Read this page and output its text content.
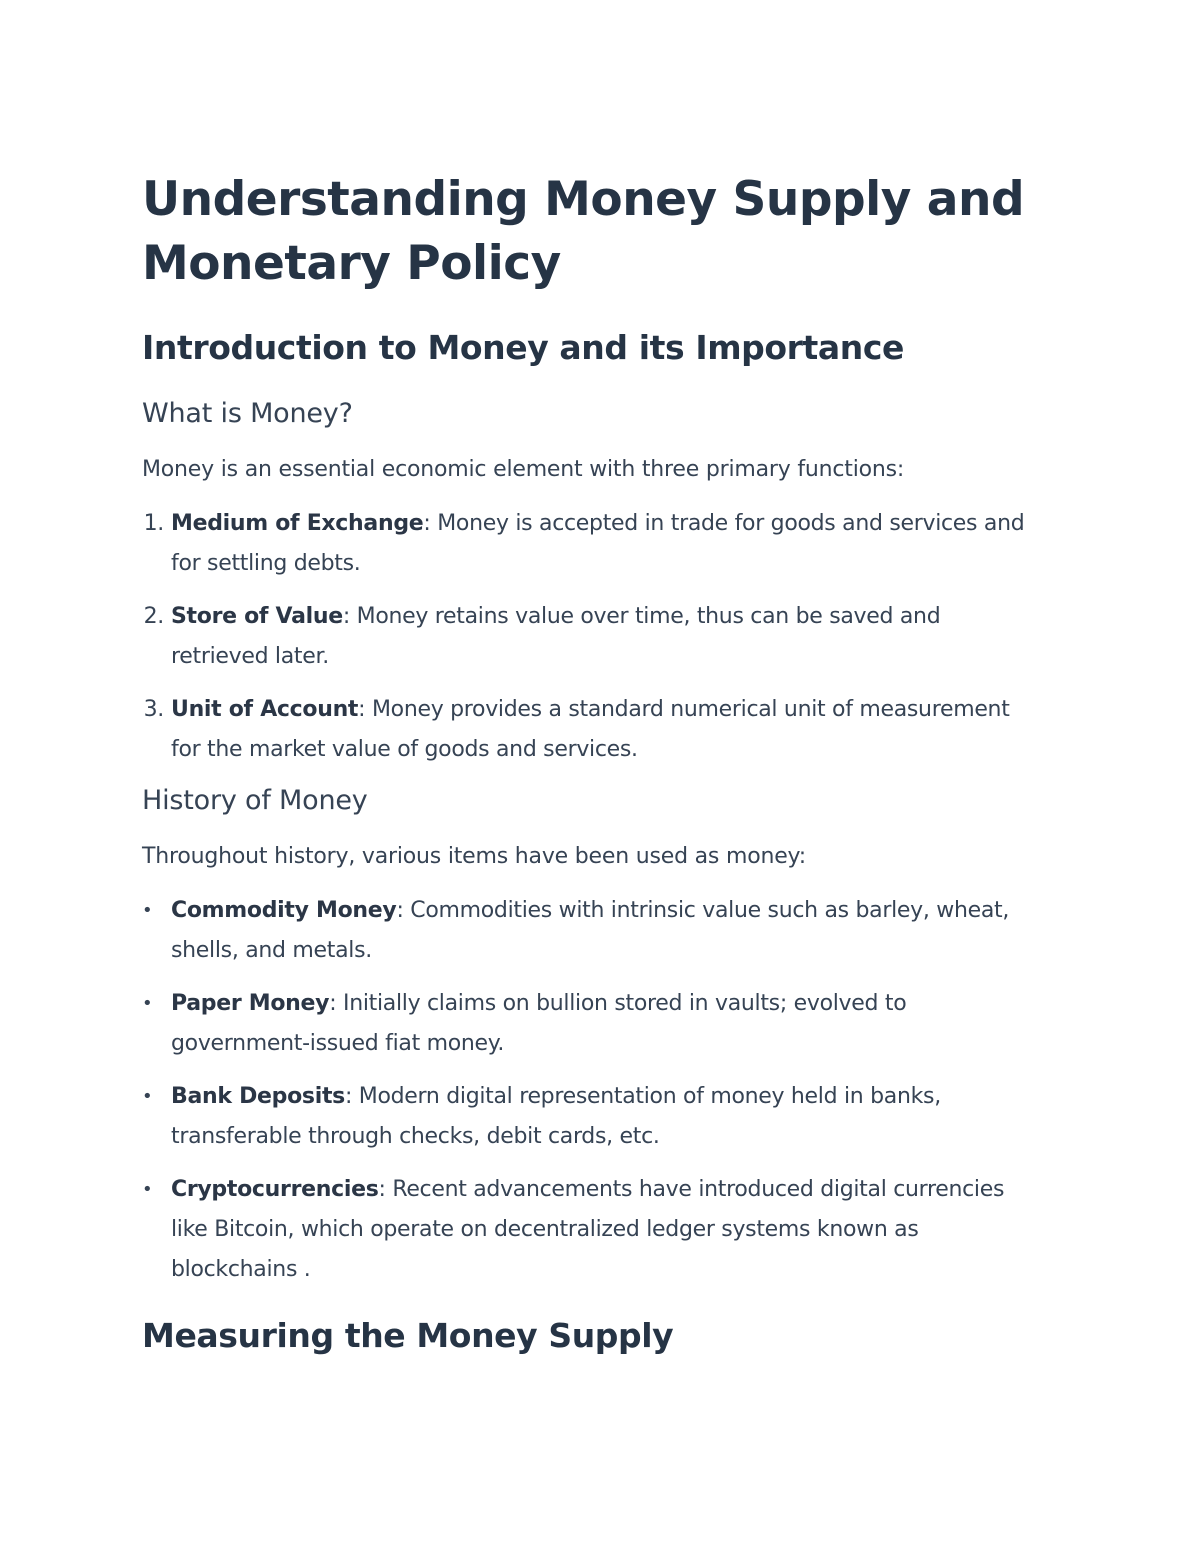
Understanding Money Supply and Monetary Policy
Introduction to Money and its Importance
What is Money?

Money is an essential economic element with three primary functions:

1. Medium of Exchange: Money is accepted in trade for goods and services and for settling debts.
2. Store of Value: Money retains value over time, thus can be saved and retrieved later.
3. Unit of Account: Money provides a standard numerical unit of measurement for the market value of goods and services.
History of Money

Throughout history, various items have been used as money:

• Commodity Money: Commodities with intrinsic value such as barley, wheat, shells, and metals.
• Paper Money: Initially claims on bullion stored in vaults; evolved to government-issued fiat money.
• Bank Deposits: Modern digital representation of money held in banks, transferable through checks, debit cards, etc.
• Cryptocurrencies: Recent advancements have introduced digital currencies like Bitcoin, which operate on decentralized ledger systems known as blockchains .
Measuring the Money Supply
